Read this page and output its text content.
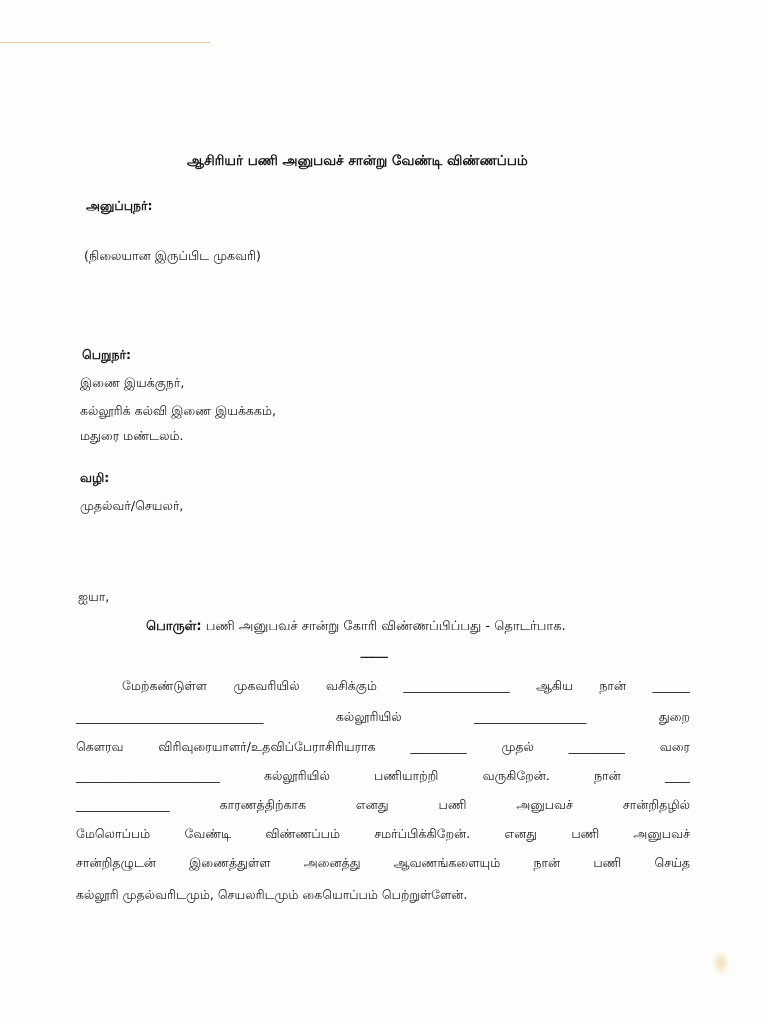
ஆசிரியர் பணி அனுபவச் சான்று வேண்டி விண்ணப்பம்
அனுப்புநர்:
(நிலையான இருப்பிட முகவரி)
பெறுநர்:
இணை இயக்குநர்,
கல்லூரிக் கல்வி இணை இயக்ககம்,
மதுரை மண்டலம்.
வழி:
முதல்வர்/செயலர்,
ஐயா,
பொருள்: பணி அனுபவச் சான்று கோரி விண்ணப்பிப்பது - தொடர்பாக.
----------
மேற்கண்டுள்ள முகவரியில் வசிக்கும் _________________ ஆகிய நான் ______
______________________________ கல்லூரியில் __________________ துறை
கௌரவ விரிவுரையாளர்/உதவிப்பேராசிரியராக _________ முதல் _________ வரை
_______________________ கல்லூரியில் பணியாற்றி வருகிறேன். நான் ____
_______________ காரணத்திற்காக எனது பணி அனுபவச் சான்றிதழில்
மேலொப்பம் வேண்டி விண்ணப்பம் சமர்ப்பிக்கிறேன். எனது பணி அனுபவச்
சான்றிதழுடன் இணைத்துள்ள அனைத்து ஆவணங்களையும் நான் பணி செய்த
கல்லூரி முதல்வரிடமும், செயலரிடமும் கையொப்பம் பெற்றுள்ளேன்.
